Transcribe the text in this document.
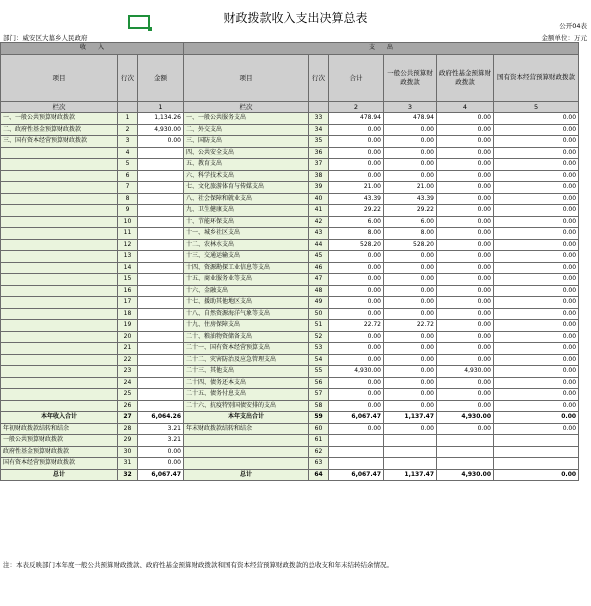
财政拨款收入支出决算总表
公开04表
部门：威安区大墓乡人民政府	金额单位：万元
收　　入			支　　出					
项目	行次	金额	项目	行次	合计	一般公共预算财政拨款	政府性基金预算财政拨款	国有资本经营预算财政拨款
栏次		1	栏次		2	3	4	5
一、一般公共预算财政拨款	1	1,134.26	一、一般公共服务支出	33	478.94	478.94	0.00	0.00
二、政府性基金预算财政拨款	2	4,930.00	二、外交支出	34	0.00	0.00	0.00	0.00
三、国有资本经营预算财政拨款	3	0.00	三、国防支出	35	0.00	0.00	0.00	0.00
	4		四、公共安全支出	36	0.00	0.00	0.00	0.00
	5		五、教育支出	37	0.00	0.00	0.00	0.00
	6		六、科学技术支出	38	0.00	0.00	0.00	0.00
	7		七、文化旅游体育与传媒支出	39	21.00	21.00	0.00	0.00
	8		八、社会保障和就业支出	40	43.39	43.39	0.00	0.00
	9		九、卫生健康支出	41	29.22	29.22	0.00	0.00
	10		十、节能环保支出	42	6.00	6.00	0.00	0.00
	11		十一、城乡社区支出	43	8.00	8.00	0.00	0.00
	12		十二、农林水支出	44	528.20	528.20	0.00	0.00
	13		十三、交通运输支出	45	0.00	0.00	0.00	0.00
	14		十四、资源勘探工业信息等支出	46	0.00	0.00	0.00	0.00
	15		十五、商业服务业等支出	47	0.00	0.00	0.00	0.00
	16		十六、金融支出	48	0.00	0.00	0.00	0.00
	17		十七、援助其他地区支出	49	0.00	0.00	0.00	0.00
	18		十八、自然资源海洋气象等支出	50	0.00	0.00	0.00	0.00
	19		十九、住房保障支出	51	22.72	22.72	0.00	0.00
	20		二十、粮油物资储备支出	52	0.00	0.00	0.00	0.00
	21		二十一、国有资本经营预算支出	53	0.00	0.00	0.00	0.00
	22		二十二、灾害防治及应急管理支出	54	0.00	0.00	0.00	0.00
	23		二十三、其他支出	55	4,930.00	0.00	4,930.00	0.00
	24		二十四、债务还本支出	56	0.00	0.00	0.00	0.00
	25		二十五、债务付息支出	57	0.00	0.00	0.00	0.00
	26		二十六、抗疫特别国债安排的支出	58	0.00	0.00	0.00	0.00
本年收入合计	27	6,064.26	本年支出合计	59	6,067.47	1,137.47	4,930.00	0.00
年初财政拨款结转和结余	28	3.21	年末财政拨款结转和结余	60	0.00	0.00	0.00	0.00
一般公共预算财政拨款	29	3.21		61				
政府性基金预算财政拨款	30	0.00		62				
国有资本经营预算财政拨款	31	0.00		63				
总计	32	6,067.47	总计	64	6,067.47	1,137.47	4,930.00	0.00
注：本表反映部门本年度一般公共预算财政拨款、政府性基金预算财政拨款和国有资本经营预算财政拨款的总收支和年末结转结余情况。
